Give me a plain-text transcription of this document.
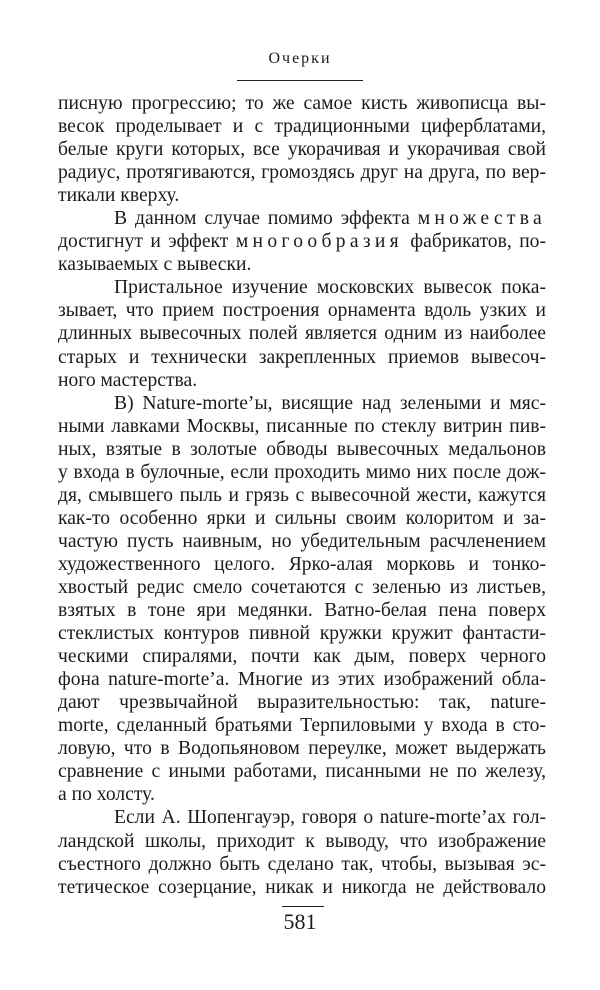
Очерки
писную прогрессию; то же самое кисть живописца вы-
весок проделывает и с традиционными циферблатами,
белые круги которых, все укорачивая и укорачивая свой
радиус, протягиваются, громоздясь друг на друга, по вер-
тикали кверху.
В данном случае помимо эффекта множества
достигнут и эффект многообразия фабрикатов, по-
казываемых с вывески.
Пристальное изучение московских вывесок пока-
зывает, что прием построения орнамента вдоль узких и
длинных вывесочных полей является одним из наиболее
старых и технически закрепленных приемов вывесоч-
ного мастерства.
В) Nature-morte’ы, висящие над зелеными и мяс-
ными лавками Москвы, писанные по стеклу витрин пив-
ных, взятые в золотые обводы вывесочных медальонов
у входа в булочные, если проходить мимо них после дож-
дя, смывшего пыль и грязь с вывесочной жести, кажутся
как-то особенно ярки и сильны своим колоритом и за-
частую пусть наивным, но убедительным расчленением
художественного целого. Ярко-алая морковь и тонко-
хвостый редис смело сочетаются с зеленью из листьев,
взятых в тоне яри медянки. Ватно-белая пена поверх
стеклистых контуров пивной кружки кружит фантасти-
ческими спиралями, почти как дым, поверх черного
фона nature-morte’a. Многие из этих изображений обла-
дают чрезвычайной выразительностью: так, nature-
morte, сделанный братьями Терпиловыми у входа в сто-
ловую, что в Водопьяновом переулке, может выдержать
сравнение с иными работами, писанными не по железу,
а по холсту.
Если А. Шопенгауэр, говоря о nature-morte’ax гол-
ландской школы, приходит к выводу, что изображение
съестного должно быть сделано так, чтобы, вызывая эс-
тетическое созерцание, никак и никогда не действовало
581
